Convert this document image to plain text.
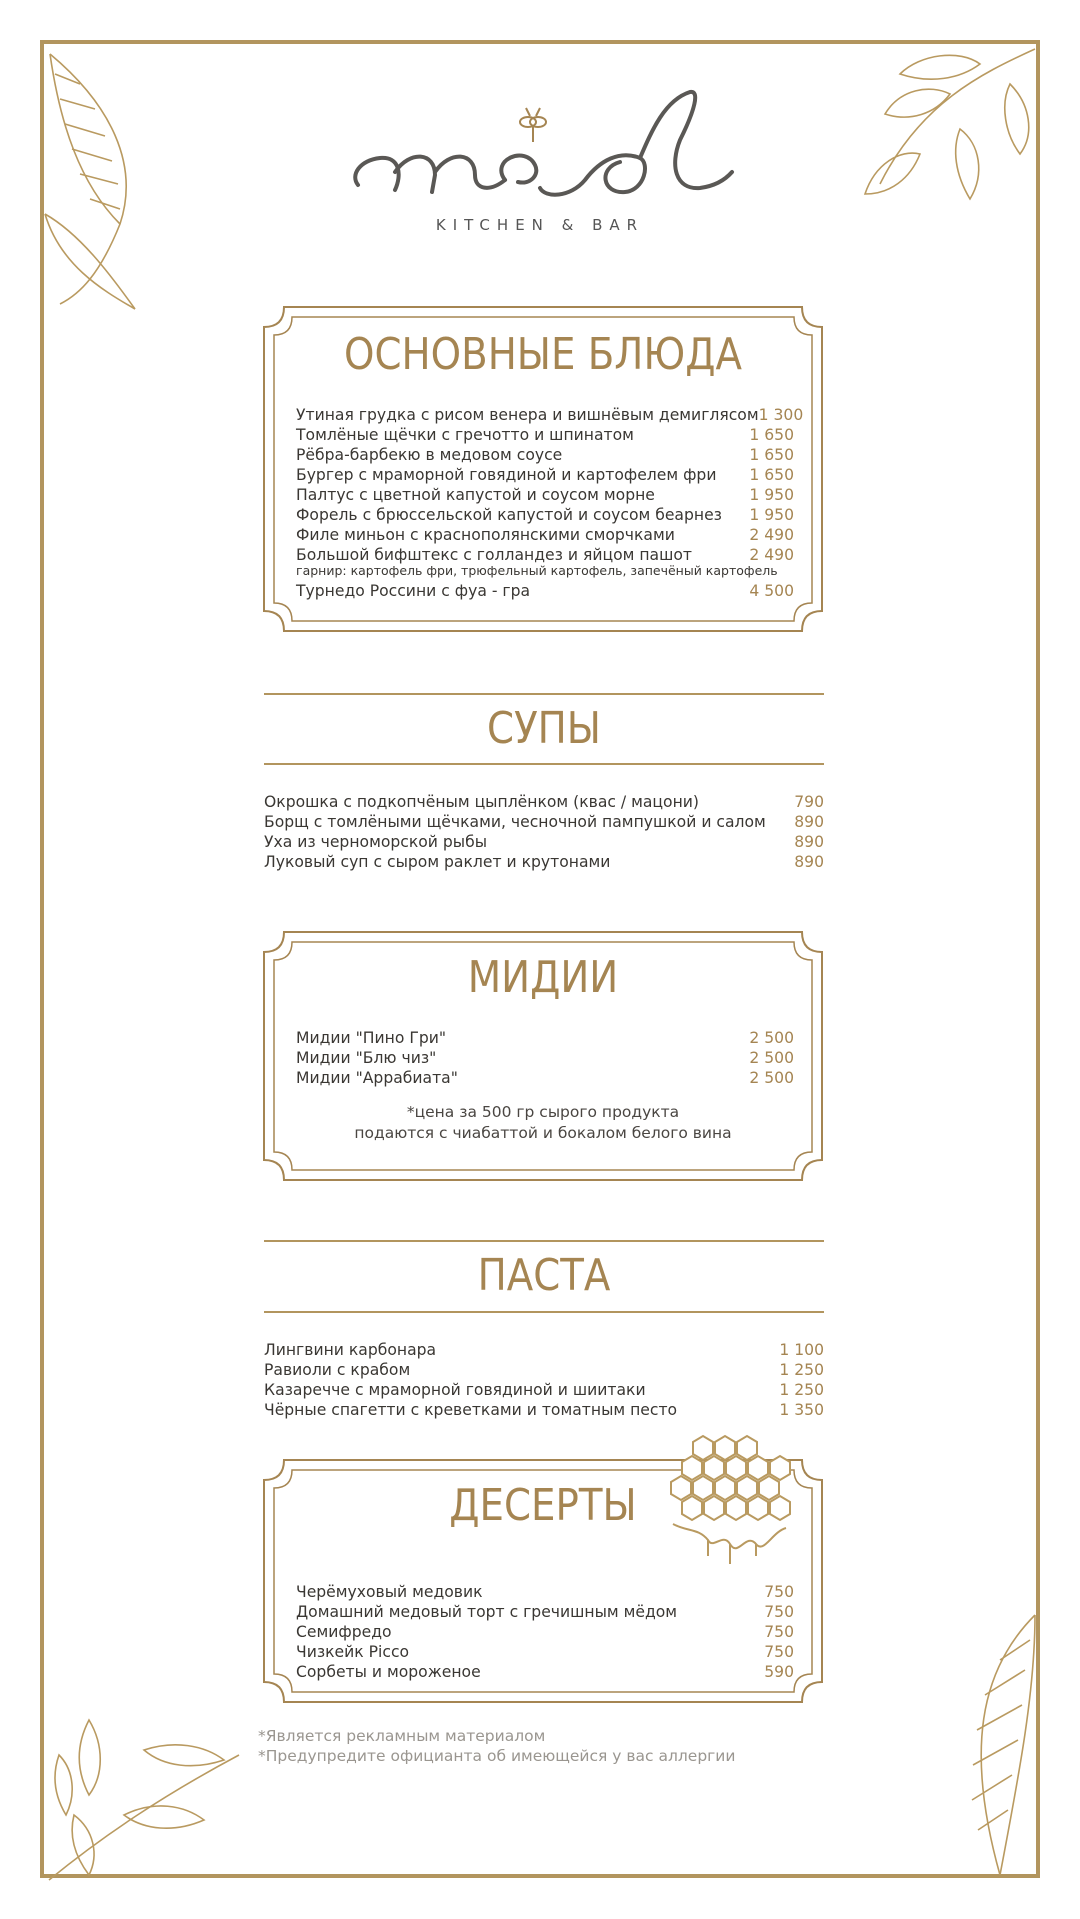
KITCHEN & BAR
ОСНОВНЫЕ БЛЮДА
Утиная грудка с рисом венера и вишнёвым демиглясом 1 300
Томлёные щёчки с гречотто и шпинатом	1 650
Рёбра-барбекю в медовом соусе	1 650
Бургер с мраморной говядиной и картофелем фри 1 650
Палтус с цветной капустой и соусом морне	1 950
Форель с брюссельской капустой и соусом беарнез 1 950
Филе миньон с краснополянскими сморчками	2 490
Большой бифштекс с голландез и яйцом пашот	2 490
гарнир: картофель фри, трюфельный картофель, запечёный картофель
Турнедо Россини с фуа - гра	4 500
СУПЫ
Окрошка с подкопчёным цыплёнком (квас / мацони)	790
Борщ с томлёными щёчками, чесночной пампушкой и салом 890
Уха из черноморской рыбы	890
Луковый суп с сыром раклет и крутонами	890
МИДИИ
Мидии "Пино Гри"	2 500
Мидии "Блю чиз"	2 500
Мидии "Аррабиата"	2 500
*цена за 500 гр сырого продукта
подаются с чиабаттой и бокалом белого вина
ПАСТА
Лингвини карбонара	1 100
Равиоли с крабом	1 250
Казаречче с мраморной говядиной и шиитаки	1 250
Чёрные спагетти с креветками и томатным песто	1 350
ДЕСЕРТЫ
Черёмуховый медовик	750
Домашний медовый торт с гречишным мёдом	750
Семифредо	750
Чизкейк Рicco	750
Сорбеты и мороженое	590
*Является рекламным материалом
*Предупредите официанта об имеющейся у вас аллергии
